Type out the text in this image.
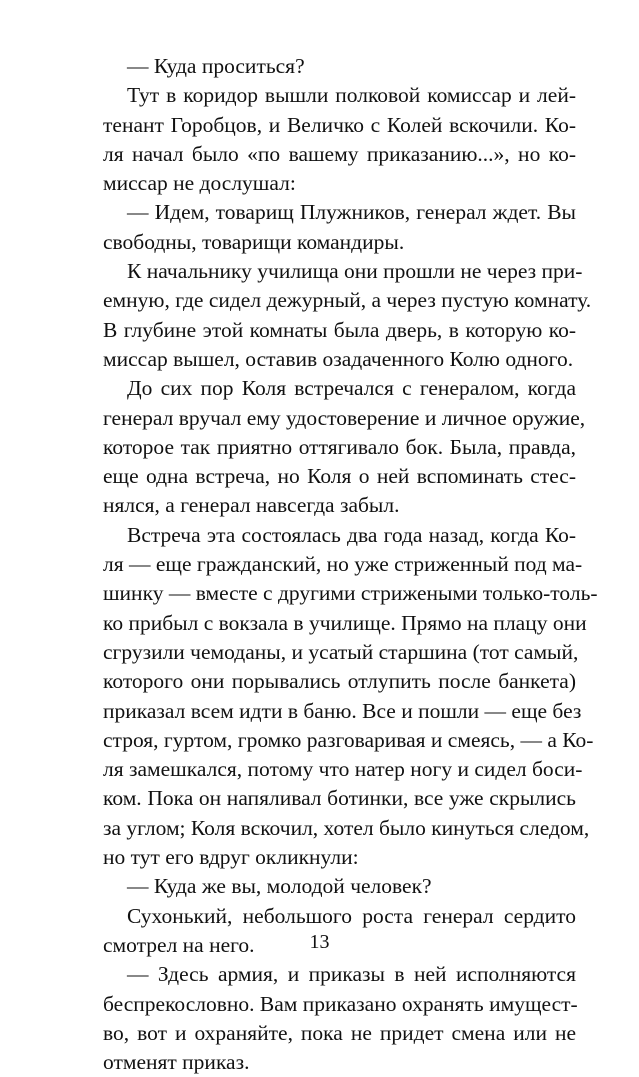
— Куда проситься?
Тут в коридор вышли полковой комиссар и лей-
тенант Горобцов, и Величко с Колей вскочили. Ко-
ля начал было «по вашему приказанию...», но ко-
миссар не дослушал:
— Идем, товарищ Плужников, генерал ждет. Вы
свободны, товарищи командиры.
К начальнику училища они прошли не через при-
емную, где сидел дежурный, а через пустую комнату.
В глубине этой комнаты была дверь, в которую ко-
миссар вышел, оставив озадаченного Колю одного.
До сих пор Коля встречался с генералом, когда
генерал вручал ему удостоверение и личное оружие,
которое так приятно оттягивало бок. Была, правда,
еще одна встреча, но Коля о ней вспоминать стес-
нялся, а генерал навсегда забыл.
Встреча эта состоялась два года назад, когда Ко-
ля — еще гражданский, но уже стриженный под ма-
шинку — вместе с другими стрижеными только-толь-
ко прибыл с вокзала в училище. Прямо на плацу они
сгрузили чемоданы, и усатый старшина (тот самый,
которого они порывались отлупить после банкета)
приказал всем идти в баню. Все и пошли — еще без
строя, гуртом, громко разговаривая и смеясь, — а Ко-
ля замешкался, потому что натер ногу и сидел боси-
ком. Пока он напяливал ботинки, все уже скрылись
за углом; Коля вскочил, хотел было кинуться следом,
но тут его вдруг окликнули:
— Куда же вы, молодой человек?
Сухонький, небольшого роста генерал сердито
смотрел на него.
— Здесь армия, и приказы в ней исполняются
беспрекословно. Вам приказано охранять имущест-
во, вот и охраняйте, пока не придет смена или не
отменят приказ.
13
